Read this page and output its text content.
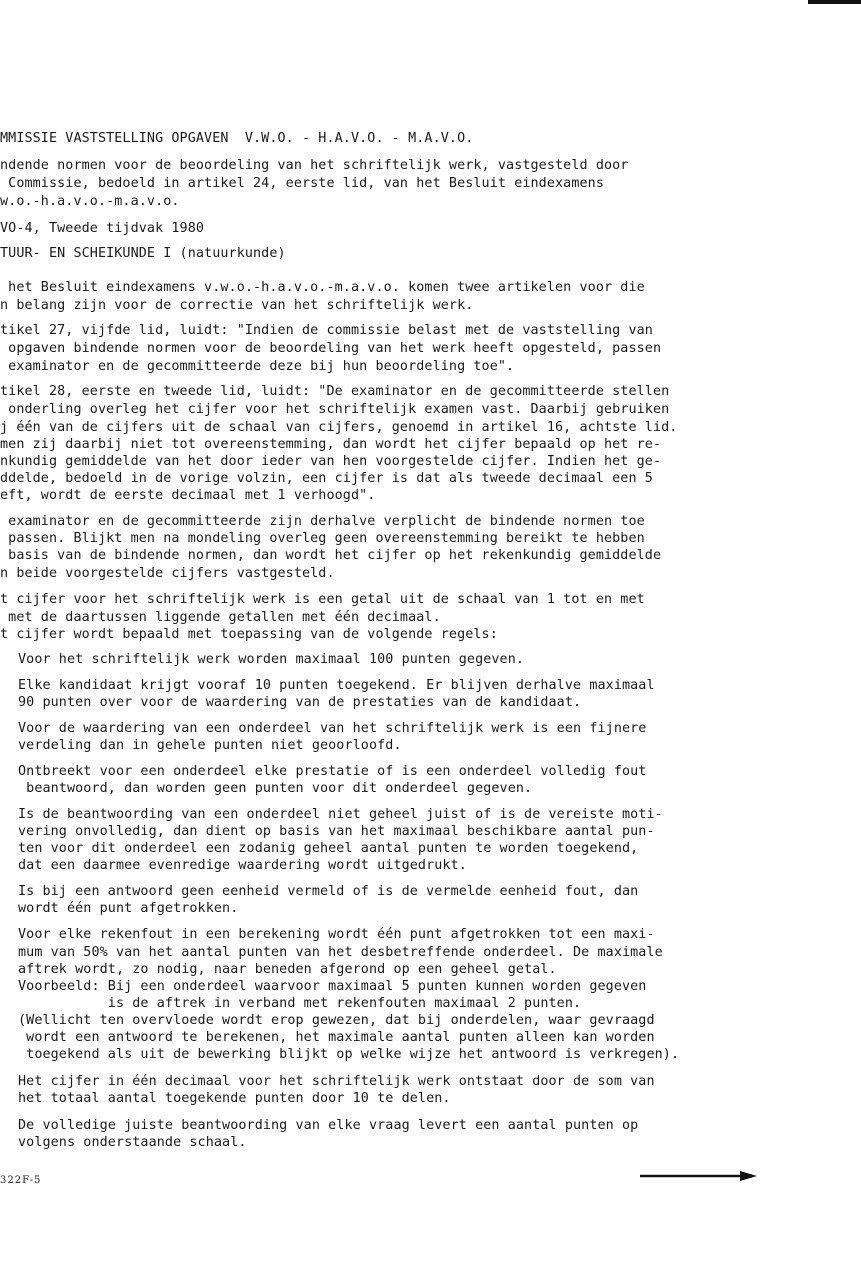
MMISSIE VASTSTELLING OPGAVEN  V.W.O. - H.A.V.O. - M.A.V.O.
ndende normen voor de beoordeling van het schriftelijk werk, vastgesteld door
Commissie, bedoeld in artikel 24, eerste lid, van het Besluit eindexamens
w.o.-h.a.v.o.-m.a.v.o.
VO-4, Tweede tijdvak 1980
TUUR- EN SCHEIKUNDE I (natuurkunde)
het Besluit eindexamens v.w.o.-h.a.v.o.-m.a.v.o. komen twee artikelen voor die
n belang zijn voor de correctie van het schriftelijk werk.
tikel 27, vijfde lid, luidt: "Indien de commissie belast met de vaststelling van
opgaven bindende normen voor de beoordeling van het werk heeft opgesteld, passen
examinator en de gecommitteerde deze bij hun beoordeling toe".
tikel 28, eerste en tweede lid, luidt: "De examinator en de gecommitteerde stellen
onderling overleg het cijfer voor het schriftelijk examen vast. Daarbij gebruiken
j één van de cijfers uit de schaal van cijfers, genoemd in artikel 16, achtste lid.
men zij daarbij niet tot overeenstemming, dan wordt het cijfer bepaald op het re-
nkundig gemiddelde van het door ieder van hen voorgestelde cijfer. Indien het ge-
ddelde, bedoeld in de vorige volzin, een cijfer is dat als tweede decimaal een 5
eft, wordt de eerste decimaal met 1 verhoogd".
examinator en de gecommitteerde zijn derhalve verplicht de bindende normen toe
passen. Blijkt men na mondeling overleg geen overeenstemming bereikt te hebben
basis van de bindende normen, dan wordt het cijfer op het rekenkundig gemiddelde
n beide voorgestelde cijfers vastgesteld.
t cijfer voor het schriftelijk werk is een getal uit de schaal van 1 tot en met
met de daartussen liggende getallen met één decimaal.
t cijfer wordt bepaald met toepassing van de volgende regels:
Voor het schriftelijk werk worden maximaal 100 punten gegeven.
Elke kandidaat krijgt vooraf 10 punten toegekend. Er blijven derhalve maximaal
90 punten over voor de waardering van de prestaties van de kandidaat.
Voor de waardering van een onderdeel van het schriftelijk werk is een fijnere
verdeling dan in gehele punten niet geoorloofd.
Ontbreekt voor een onderdeel elke prestatie of is een onderdeel volledig fout
beantwoord, dan worden geen punten voor dit onderdeel gegeven.
Is de beantwoording van een onderdeel niet geheel juist of is de vereiste moti-
vering onvolledig, dan dient op basis van het maximaal beschikbare aantal pun-
ten voor dit onderdeel een zodanig geheel aantal punten te worden toegekend,
dat een daarmee evenredige waardering wordt uitgedrukt.
Is bij een antwoord geen eenheid vermeld of is de vermelde eenheid fout, dan
wordt één punt afgetrokken.
Voor elke rekenfout in een berekening wordt één punt afgetrokken tot een maxi-
mum van 50% van het aantal punten van het desbetreffende onderdeel. De maximale
aftrek wordt, zo nodig, naar beneden afgerond op een geheel getal.
Voorbeeld: Bij een onderdeel waarvoor maximaal 5 punten kunnen worden gegeven
is de aftrek in verband met rekenfouten maximaal 2 punten.
(Wellicht ten overvloede wordt erop gewezen, dat bij onderdelen, waar gevraagd
wordt een antwoord te berekenen, het maximale aantal punten alleen kan worden
toegekend als uit de bewerking blijkt op welke wijze het antwoord is verkregen).
Het cijfer in één decimaal voor het schriftelijk werk ontstaat door de som van
het totaal aantal toegekende punten door 10 te delen.
De volledige juiste beantwoording van elke vraag levert een aantal punten op
volgens onderstaande schaal.
322F-5
